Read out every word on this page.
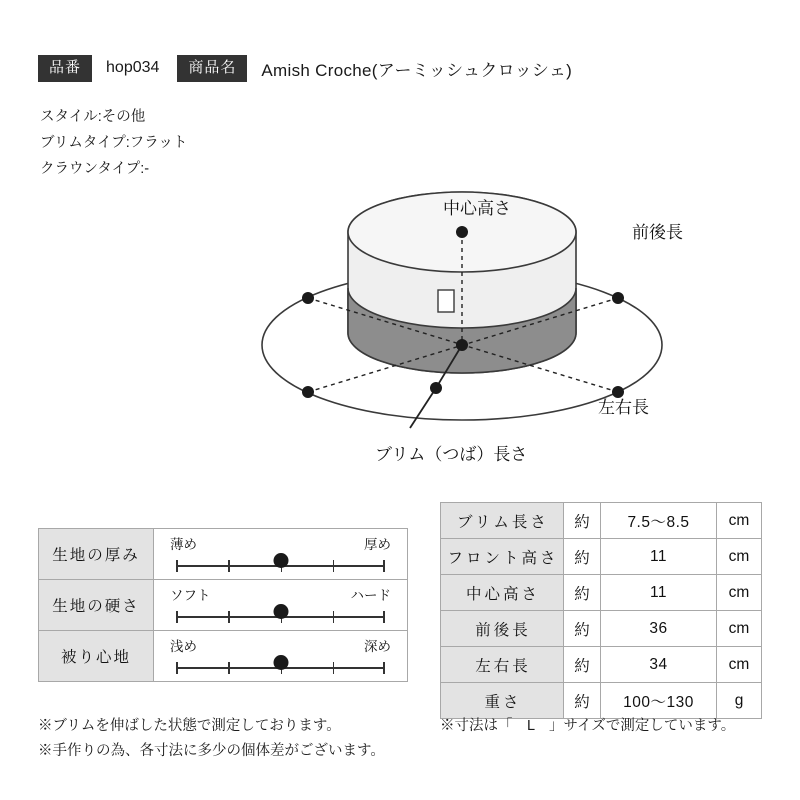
品番	hop034	商品名	Amish Croche(アーミッシュクロッシェ)
スタイル:その他
ブリムタイプ:フラット
クラウンタイプ:-
中心高さ
前後長
左右長
ブリム（つば）長さ
生地の厚み	薄め 厚め

生地の硬さ	ソフト ハード

被り心地	浅め 深め
ブリム長さ	約	7.5〜8.5	cm
フロント高さ	約	11	cm
中心高さ	約	11	cm
前後長	約	36	cm
左右長	約	34	cm
重さ	約	100〜130	g
※ブリムを伸ばした状態で測定しております。
※手作りの為、各寸法に多少の個体差がございます。
※寸法は「　L　」サイズで測定しています。
